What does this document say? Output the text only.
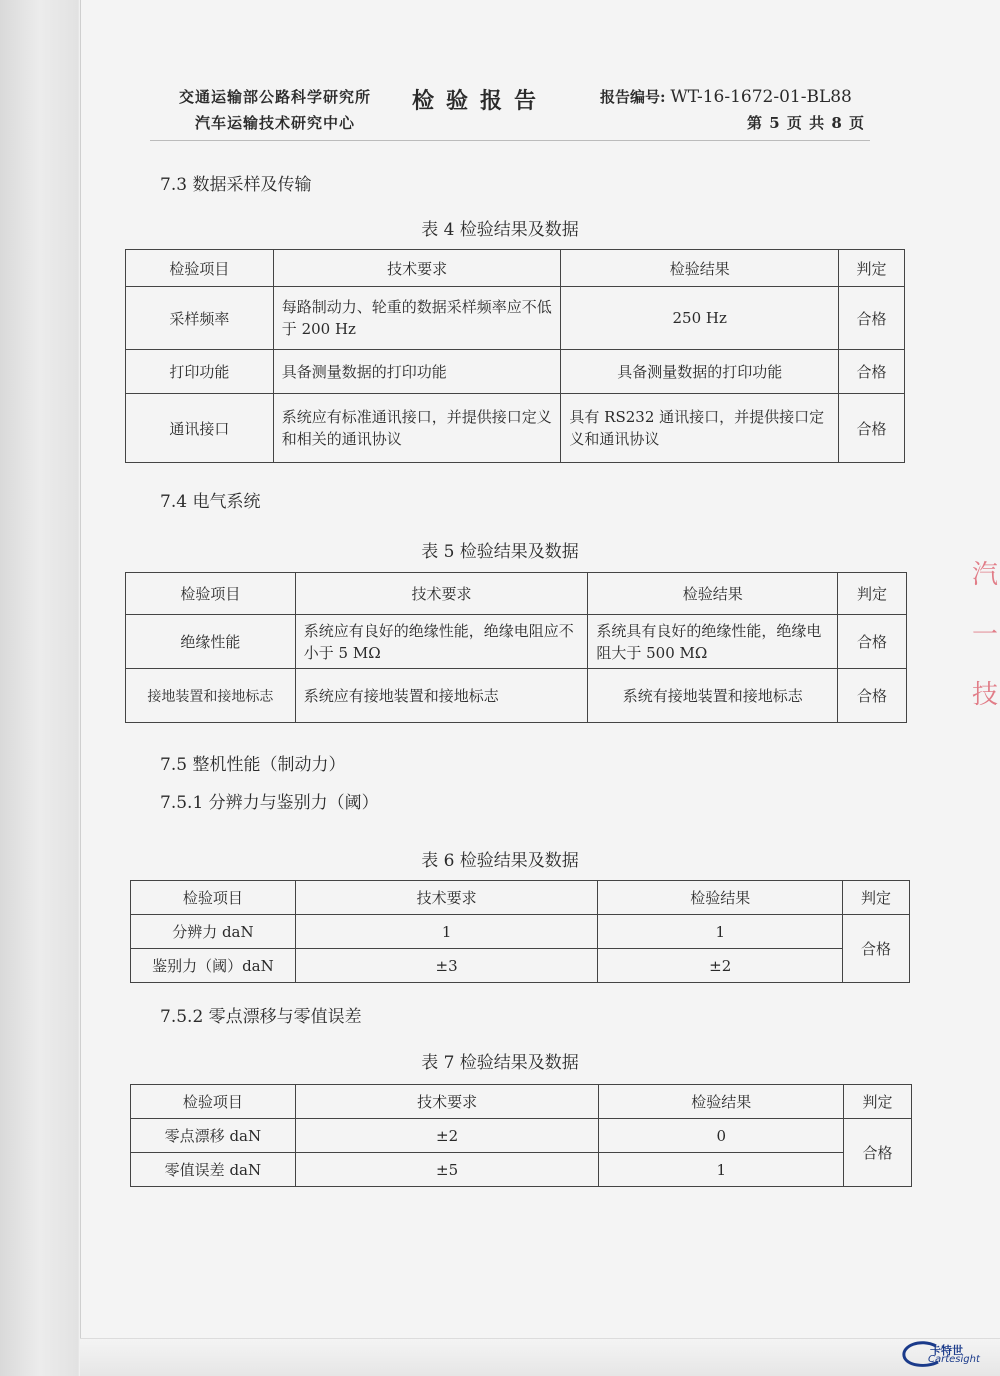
交通运输部公路科学研究所
汽车运输技术研究中心
检验报告	报告编号: WT-16-1672-01-BL88
第 5 页 共 8 页
7.3 数据采样及传输
表 4 检验结果及数据
检验项目	技术要求	检验结果	判定
采样频率	每路制动力、轮重的数据采样频率应不低于 200 Hz	250 Hz	合格
打印功能	具备测量数据的打印功能	具备测量数据的打印功能	合格
通讯接口	系统应有标准通讯接口，并提供接口定义和相关的通讯协议	具有 RS232 通讯接口，并提供接口定义和通讯协议	合格
7.4 电气系统
表 5 检验结果及数据
检验项目	技术要求	检验结果	判定
绝缘性能	系统应有良好的绝缘性能，绝缘电阻应不小于 5 MΩ	系统具有良好的绝缘性能，绝缘电阻大于 500 MΩ	合格
接地装置和接地标志	系统应有接地装置和接地标志	系统有接地装置和接地标志	合格
7.5 整机性能（制动力）
7.5.1 分辨力与鉴别力（阈）
表 6 检验结果及数据
检验项目	技术要求	检验结果	判定
分辨力 daN	1	1	合格
鉴别力（阈）daN	±3	±2	
7.5.2 零点漂移与零值误差
表 7 检验结果及数据
检验项目	技术要求	检验结果	判定
零点漂移 daN	±2	0	合格
零值误差 daN	±5	1	
汽
一
技
卡特世
Cartesight
